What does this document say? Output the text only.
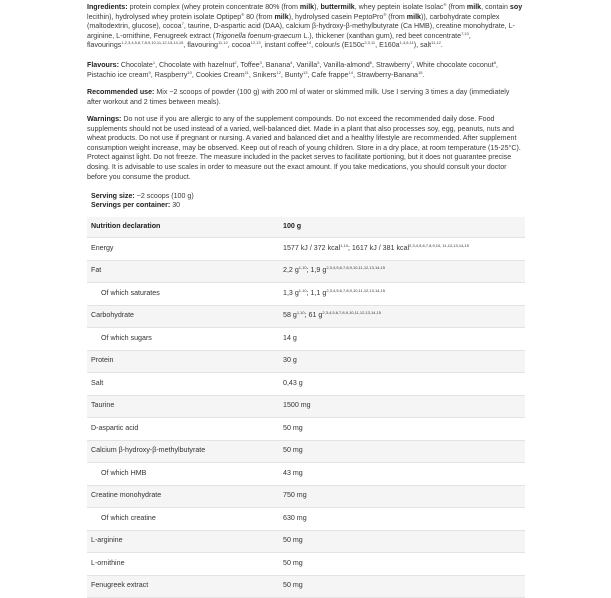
Ingredients: protein complex (whey protein concentrate 80% (from milk), buttermilk, whey peptein isolate Isolac® (from milk, contain soy lecithin), hydrolysed whey protein isolate Optipep® 80 (from milk), hydrolysed casein PeptoPro® (from milk)), carbohydrate complex (maltodextrin, glucose), cocoa$^7$, taurine, D-aspartic acid (DAA), calcium β-hydroxy-β-methylbutyrate (Ca HMB), creatine monohydrate, L-arginine, L-ornithine, Fenugreek extract (Trigonella foenum-graecum L.), thickener (xanthan gum), red beet concentrate$^{7,10}$, flavourings$^{1,2,3,4,5,6,7,8,9,10,11,12,13,14,15}$, flavouring$^{11,12}$, cocoa$^{12,13}$, instant coffee$^{14}$, colour/s ($E150c^{2,3,11}$, $E160a^{1,4,6,11}$), salt$^{11,12}$.

Flavours: Chocolate$^1$, Chocolate with hazelnut$^2$, Toffee$^3$, Banana$^4$, Vanilla$^5$, Vanilla-almond$^6$, Strawberry$^7$, White chocolate coconut$^8$, Pistachio ice cream$^9$, Raspberry$^{10}$, Cookies Cream$^{11}$, Snikers$^{12}$, Bunty$^{13}$, Cafe frappe$^{14}$, Strawberry-Banana$^{15}$.

Recommended use: Mix ~2 scoops of powder (100 g) with 200 ml of water or skimmed milk. Use I serving 3 times a day (immediately after workout and 2 times between meals).

Warnings: Do not use if you are allergic to any of the supplement compounds. Do not exceed the recommended daily dose. Food supplements should not be used instead of a varied, well-balanced diet. Made in a plant that also processes soy, egg, peanuts, nuts and wheat products. Do not use if pregnant or nursing. A varied and balanced diet and a healthy lifestyle are recommended. After supplement consumption weight increase, may be observed. Keep out of reach of young children. Store in a dry place, at room temperature (15-25°C). Protect against light. Do not freeze. The measure included in the packet serves to facilitate portioning, but it does not guarantee precise dosing. It is advisable to use scales in order to measure out the exact amount. If you take medications, you should consult your doctor before you consume the product.

Serving size: ~2 scoops (100 g)
Servings per container: 30
Nutrition declaration	100 g
Energy	1577 kJ / 372 kcal$^{1,10}$; 1617 kJ / 381 kcal$^{2,3,4,5,6,7,8,9,10, 11,12,13,14,15}$
Fat	2,2 $g^{1,10}$; 1,9 $g^{2,3,4,5,6,7,8,9,10,11,12,13,14,15}$
Of which saturates	1,3 $g^{1,10}$; 1,1 $g^{2,3,4,5,6,7,8,9,10,11,12,13,14,15}$
Carbohydrate	58 $g^{1,10}$; 61 $g^{2,3,4,5,6,7,8,9,10,11,12,13,14,15}$
Of which sugars	14 g
Protein	30 g
Salt	0,43 g
Taurine	1500 mg
D-aspartic acid	50 mg
Calcium β-hydroxy-β-methylbutyrate	50 mg
Of which HMB	43 mg
Creatine monohydrate	750 mg
Of which creatine	630 mg
L-arginine	50 mg
L-ornithine	50 mg
Fenugreek extract	50 mg
